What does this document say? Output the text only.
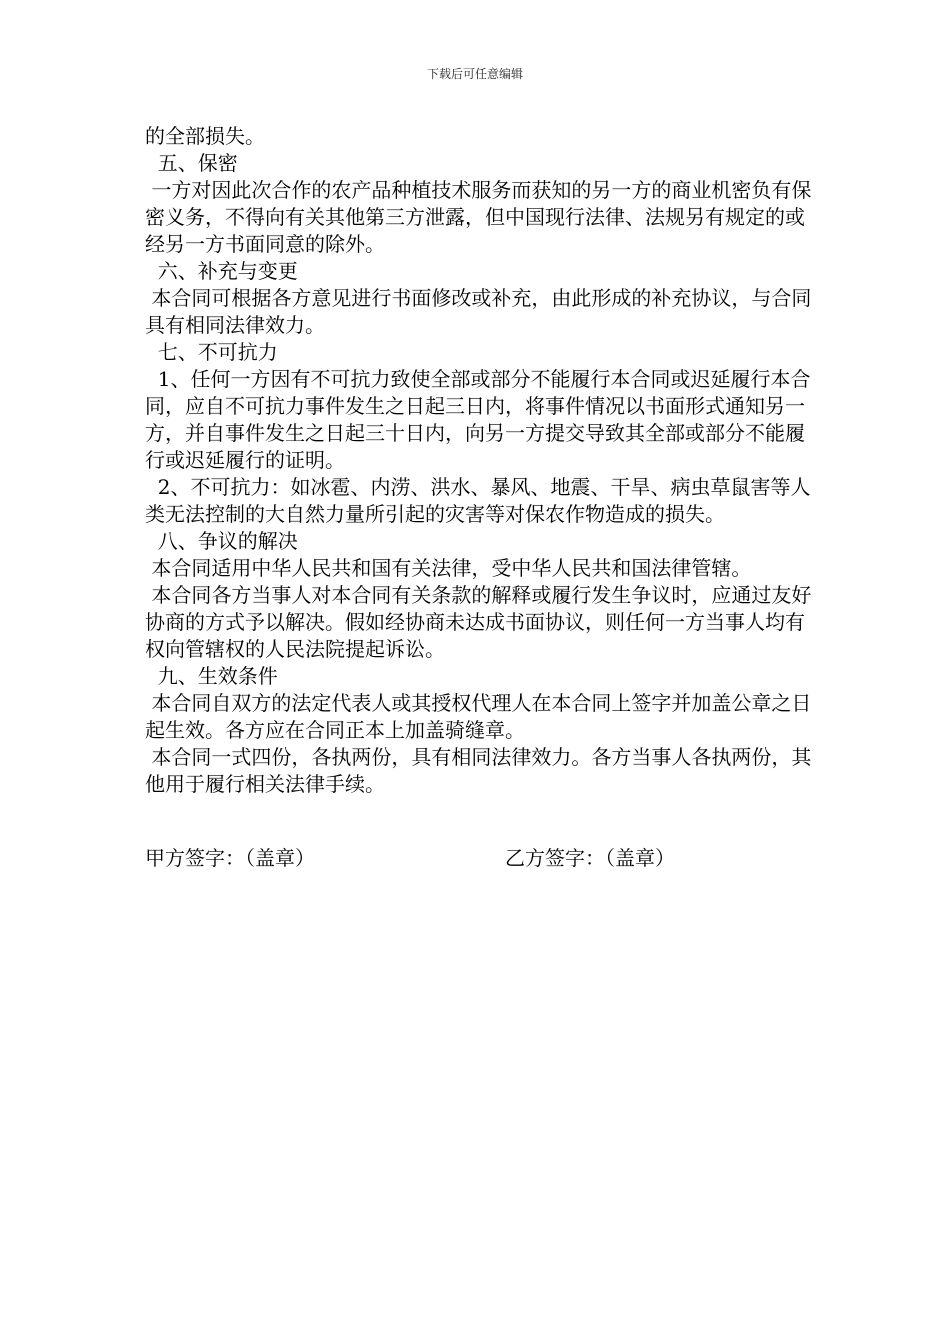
下载后可任意编辑

的全部损失。

五、保密

一方对因此次合作的农产品种植技术服务而获知的另一方的商业机密负有保密义务，不得向有关其他第三方泄露，但中国现行法律、法规另有规定的或经另一方书面同意的除外。

六、补充与变更

本合同可根据各方意见进行书面修改或补充，由此形成的补充协议，与合同具有相同法律效力。

七、不可抗力

1、任何一方因有不可抗力致使全部或部分不能履行本合同或迟延履行本合同，应自不可抗力事件发生之日起三日内，将事件情况以书面形式通知另一方，并自事件发生之日起三十日内，向另一方提交导致其全部或部分不能履行或迟延履行的证明。

2、不可抗力：如冰雹、内涝、洪水、暴风、地震、干旱、病虫草鼠害等人类无法控制的大自然力量所引起的灾害等对保农作物造成的损失。

八、争议的解决

本合同适用中华人民共和国有关法律，受中华人民共和国法律管辖。

本合同各方当事人对本合同有关条款的解释或履行发生争议时，应通过友好协商的方式予以解决。假如经协商未达成书面协议，则任何一方当事人均有权向管辖权的人民法院提起诉讼。

九、生效条件

本合同自双方的法定代表人或其授权代理人在本合同上签字并加盖公章之日起生效。各方应在合同正本上加盖骑缝章。

本合同一式四份，各执两份，具有相同法律效力。各方当事人各执两份，其他用于履行相关法律手续。

甲方签字：（盖章）	乙方签字：（盖章）
